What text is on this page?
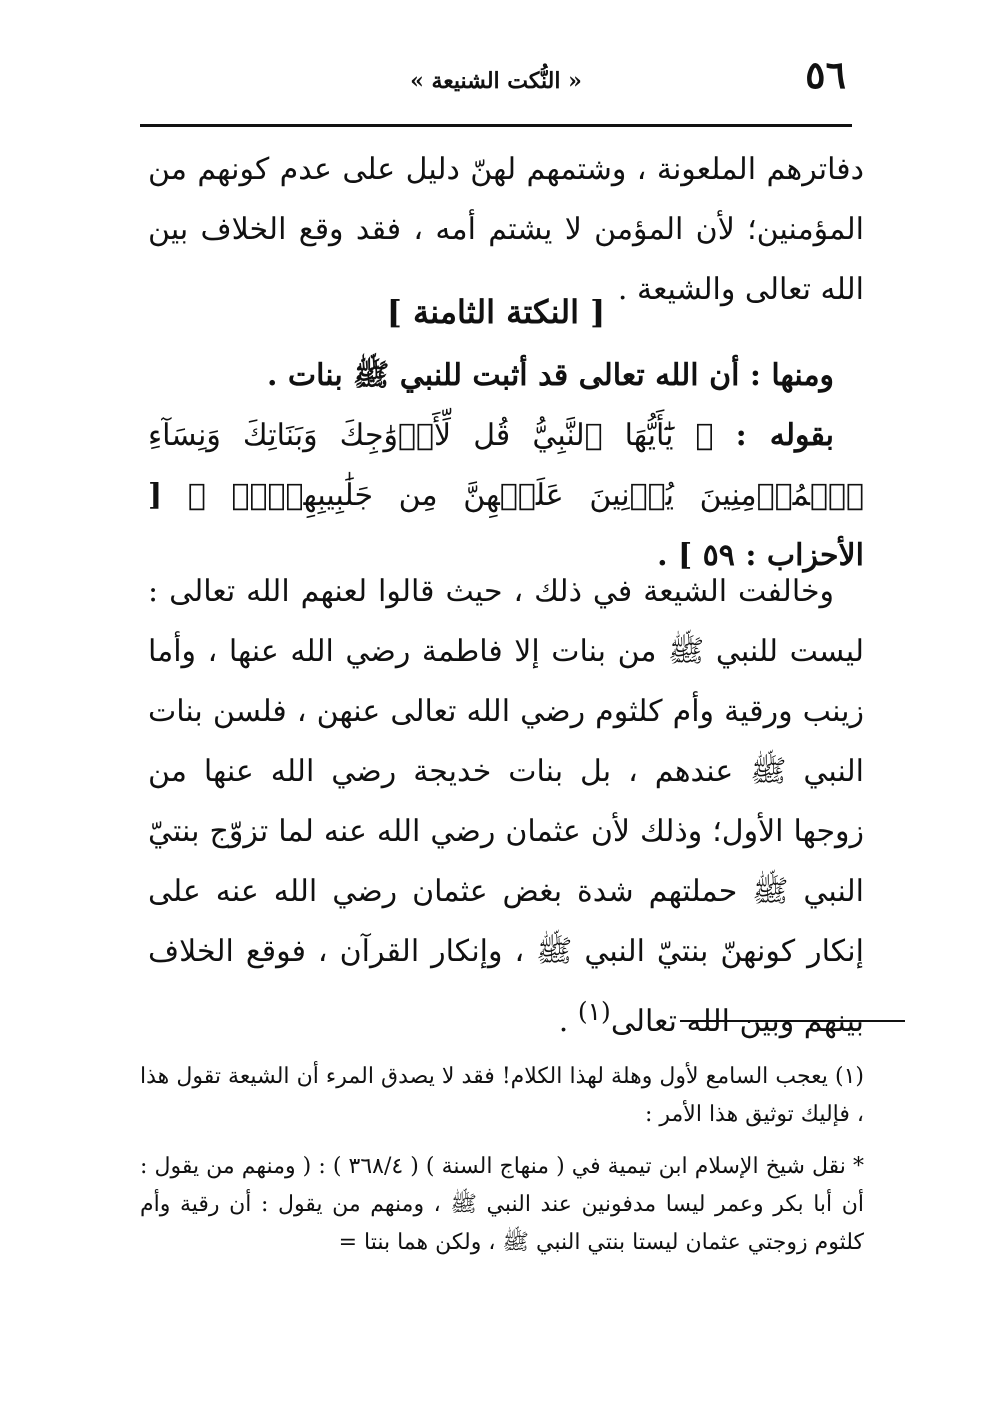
٥٦
« النُّكت الشنيعة »

دفاترهم الملعونة ، وشتمهم لهنّ دليل على عدم كونهم من المؤمنين؛ لأن المؤمن لا يشتم أمه ، فقد وقع الخلاف بين الله تعالى والشيعة .

[ النكتة الثامنة ]

ومنها : أن الله تعالى قد أثبت للنبي ﷺ بنات .

بقوله : ﴿ يَٰٓأَيُّهَا ٱلنَّبِيُّ قُل لِّأَزۡوَٰجِكَ وَبَنَاتِكَ وَنِسَآءِ ٱلۡمُؤۡمِنِينَ يُدۡنِينَ عَلَيۡهِنَّ مِن جَلَٰبِيبِهِنَّۚ ﴾ [ الأحزاب : ٥٩ ] .

وخالفت الشيعة في ذلك ، حيث قالوا لعنهم الله تعالى : ليست للنبي ﷺ من بنات إلا فاطمة رضي الله عنها ، وأما زينب ورقية وأم كلثوم رضي الله تعالى عنهن ، فلسن بنات النبي ﷺ عندهم ، بل بنات خديجة رضي الله عنها من زوجها الأول؛ وذلك لأن عثمان رضي الله عنه لما تزوّج بنتيّ النبي ﷺ حملتهم شدة بغض عثمان رضي الله عنه على إنكار كونهنّ بنتيّ النبي ﷺ ، وإنكار القرآن ، فوقع الخلاف بينهم وبين الله تعالى$^{(١)}$ .

(١) يعجب السامع لأول وهلة لهذا الكلام! فقد لا يصدق المرء أن الشيعة تقول هذا ، فإليك توثيق هذا الأمر :

* نقل شيخ الإسلام ابن تيمية في ( منهاج السنة ) ( ٣٦٨/٤ ) : ( ومنهم من يقول : أن أبا بكر وعمر ليسا مدفونين عند النبي ﷺ ، ومنهم من يقول : أن رقية وأم كلثوم زوجتي عثمان ليستا بنتي النبي ﷺ ، ولكن هما بنتا =
